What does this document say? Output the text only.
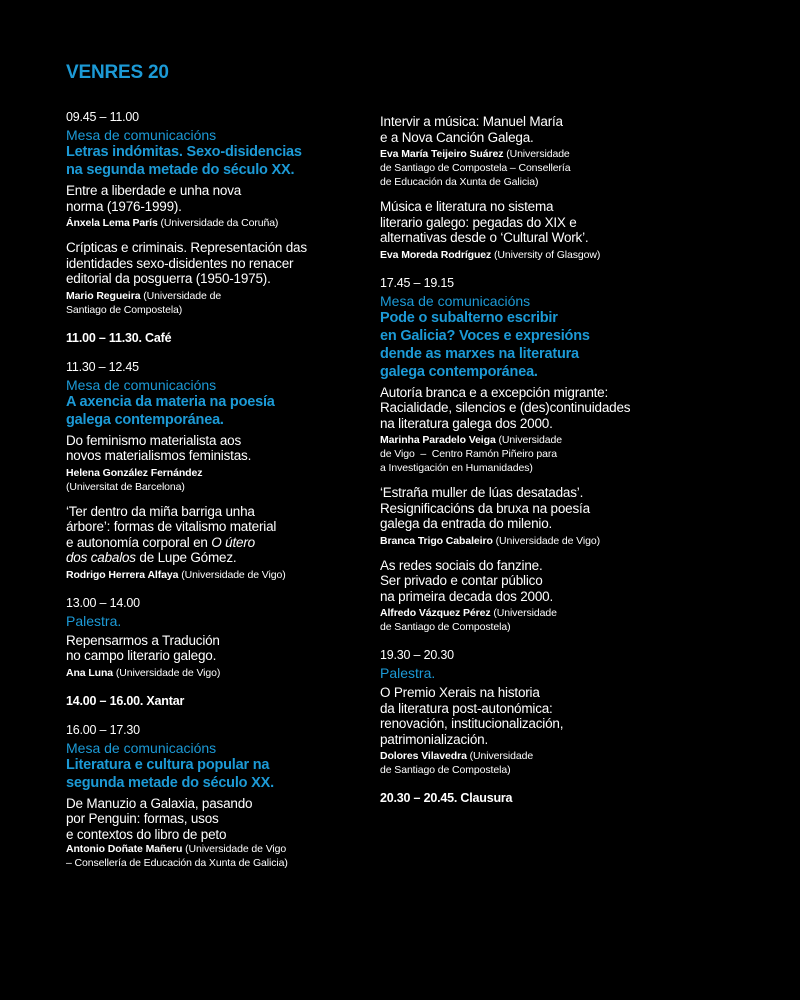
VENRES 20
09.45 – 11.00
Mesa de comunicacións
Letras indómitas. Sexo-disidencias
na segunda metade do século XX.
Entre a liberdade e unha nova
norma (1976-1999).
Ánxela Lema París (Universidade da Coruña)
Crípticas e criminais. Representación das
identidades sexo-disidentes no renacer
editorial da posguerra (1950-1975).
Mario Regueira (Universidade de
Santiago de Compostela)
11.00 – 11.30. Café
11.30 – 12.45
Mesa de comunicacións
A axencia da materia na poesía
galega contemporánea.
Do feminismo materialista aos
novos materialismos feministas.
Helena González Fernández
(Universitat de Barcelona)
‘Ter dentro da miña barriga unha
árbore’: formas de vitalismo material
e autonomía corporal en O útero
dos cabalos de Lupe Gómez.
Rodrigo Herrera Alfaya (Universidade de Vigo)
13.00 – 14.00
Palestra.
Repensarmos a Tradución
no campo literario galego.
Ana Luna (Universidade de Vigo)
14.00 – 16.00. Xantar
16.00 – 17.30
Mesa de comunicacións
Literatura e cultura popular na
segunda metade do século XX.
De Manuzio a Galaxia, pasando
por Penguin: formas, usos
e contextos do libro de peto
Antonio Doñate Mañeru (Universidade de Vigo
– Consellería de Educación da Xunta de Galicia)
Intervir a música: Manuel María
e a Nova Canción Galega.
Eva María Teijeiro Suárez (Universidade
de Santiago de Compostela – Consellería
de Educación da Xunta de Galicia)
Música e literatura no sistema
literario galego: pegadas do XIX e
alternativas desde o ‘Cultural Work’.
Eva Moreda Rodríguez (University of Glasgow)
17.45 – 19.15
Mesa de comunicacións
Pode o subalterno escribir
en Galicia? Voces e expresións
dende as marxes na literatura
galega contemporánea.
Autoría branca e a excepción migrante:
Racialidade, silencios e (des)continuidades
na literatura galega dos 2000.
Marinha Paradelo Veiga (Universidade
de Vigo  –  Centro Ramón Piñeiro para
a Investigación en Humanidades)
‘Estraña muller de lúas desatadas’.
Resignificacións da bruxa na poesía
galega da entrada do milenio.
Branca Trigo Cabaleiro (Universidade de Vigo)
As redes sociais do fanzine.
Ser privado e contar público
na primeira decada dos 2000.
Alfredo Vázquez Pérez (Universidade
de Santiago de Compostela)
19.30 – 20.30
Palestra.
O Premio Xerais na historia
da literatura post-autonómica:
renovación, institucionalización,
patrimonialización.
Dolores Vilavedra (Universidade
de Santiago de Compostela)
20.30 – 20.45. Clausura
